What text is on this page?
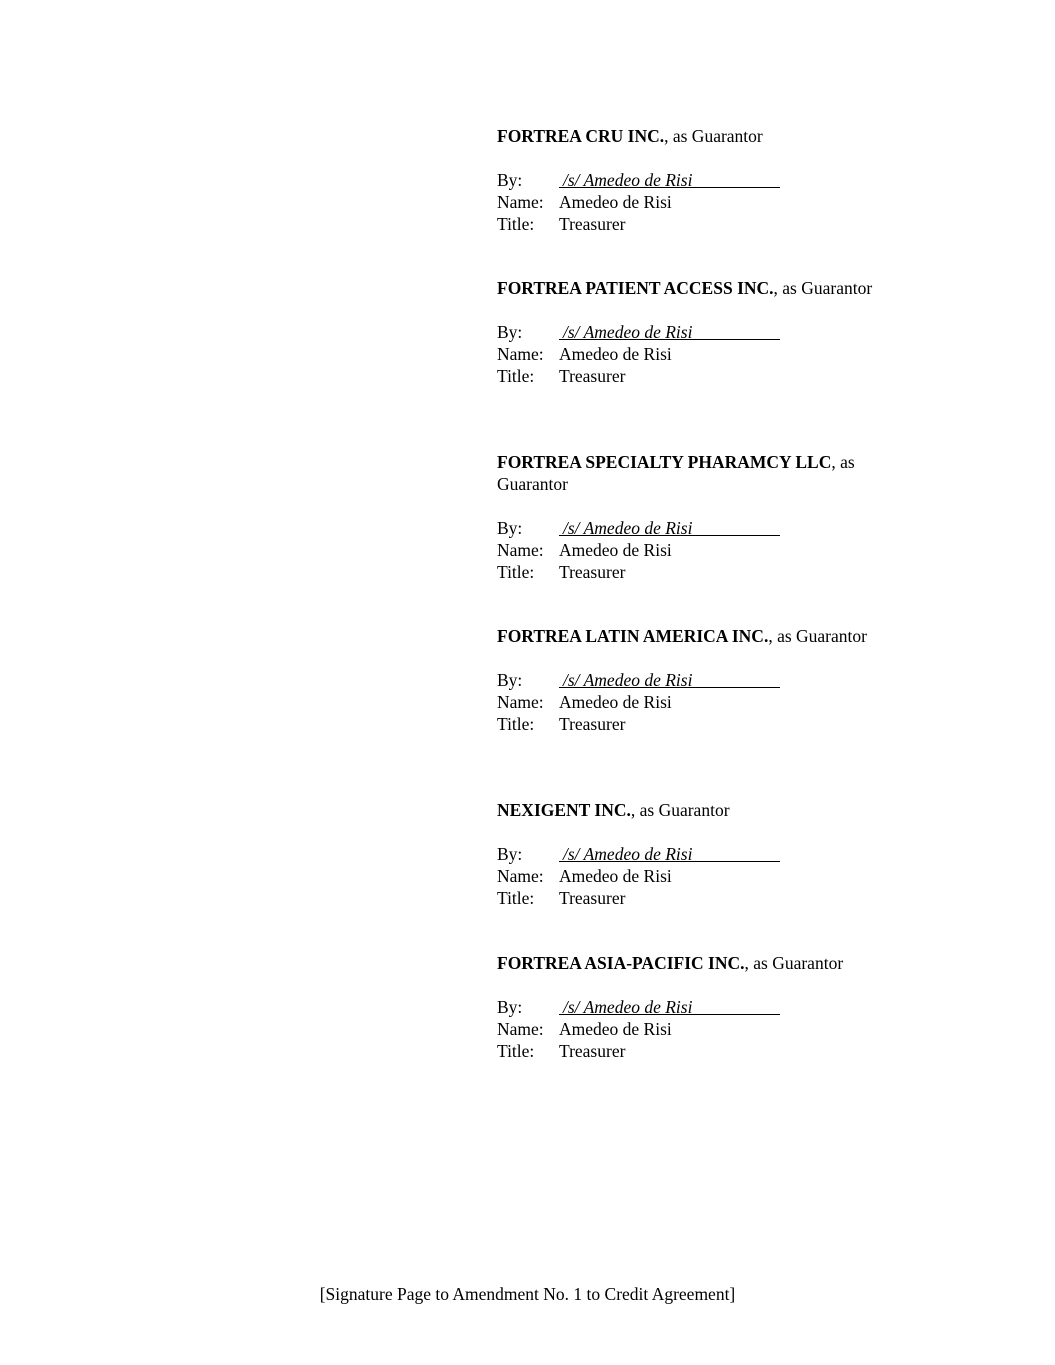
FORTREA CRU INC., as Guarantor

By:	/s/ Amedeo de Risi
Name: Amedeo de Risi
Title:	Treasurer

FORTREA PATIENT ACCESS INC., as Guarantor

By:	/s/ Amedeo de Risi
Name: Amedeo de Risi
Title:	Treasurer

FORTREA SPECIALTY PHARAMCY LLC, as Guarantor

By:	/s/ Amedeo de Risi
Name: Amedeo de Risi
Title:	Treasurer

FORTREA LATIN AMERICA INC., as Guarantor

By:	/s/ Amedeo de Risi
Name: Amedeo de Risi
Title:	Treasurer

NEXIGENT INC., as Guarantor

By:	/s/ Amedeo de Risi
Name: Amedeo de Risi
Title:	Treasurer

FORTREA ASIA-PACIFIC INC., as Guarantor

By:	/s/ Amedeo de Risi
Name: Amedeo de Risi
Title:	Treasurer
[Signature Page to Amendment No. 1 to Credit Agreement]
